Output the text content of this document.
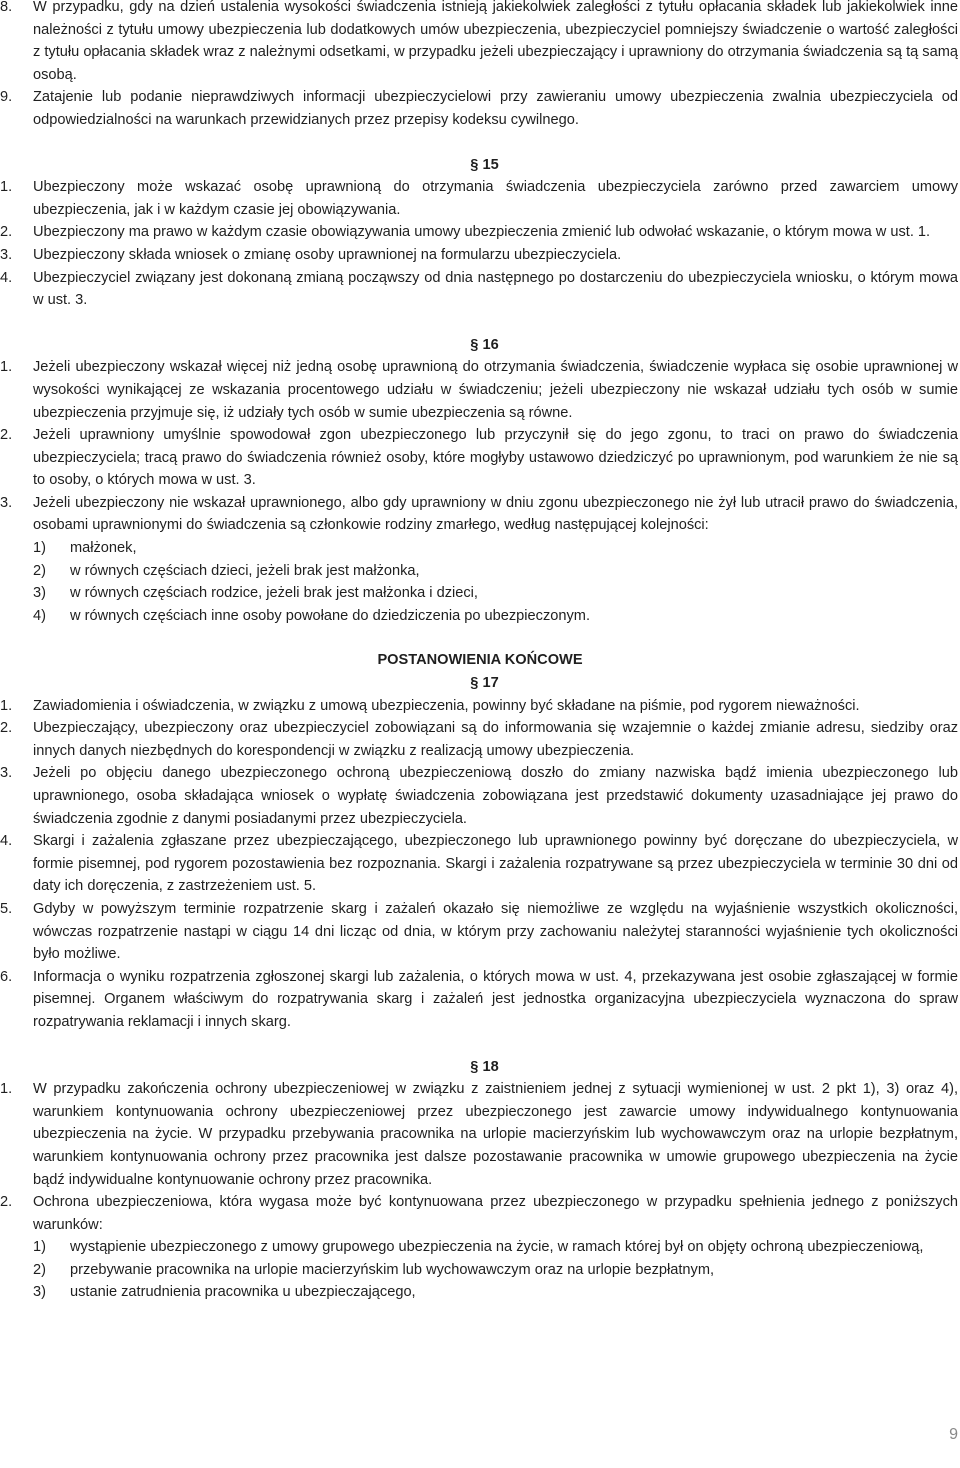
8.	W przypadku, gdy na dzień ustalenia wysokości świadczenia istnieją jakiekolwiek zaległości z tytułu opłacania składek lub jakiekolwiek inne należności z tytułu umowy ubezpieczenia lub dodatkowych umów ubezpieczenia, ubezpieczyciel pomniejszy świadczenie o wartość zaległości z tytułu opłacania składek wraz z należnymi odsetkami, w przypadku jeżeli ubezpieczający i uprawniony do otrzymania świadczenia są tą samą osobą.
9.	Zatajenie lub podanie nieprawdziwych informacji ubezpieczycielowi przy zawieraniu umowy ubezpieczenia zwalnia ubezpieczyciela od odpowiedzialności na warunkach przewidzianych przez przepisy kodeksu cywilnego.
§ 15
1.	Ubezpieczony może wskazać osobę uprawnioną do otrzymania świadczenia ubezpieczyciela zarówno przed zawarciem umowy ubezpieczenia, jak i w każdym czasie jej obowiązywania.
2.	Ubezpieczony ma prawo w każdym czasie obowiązywania umowy ubezpieczenia zmienić lub odwołać wskazanie, o którym mowa w ust. 1.
3.	Ubezpieczony składa wniosek o zmianę osoby uprawnionej na formularzu ubezpieczyciela.
4.	Ubezpieczyciel związany jest dokonaną zmianą począwszy od dnia następnego po dostarczeniu do ubezpieczyciela wniosku, o którym mowa w ust. 3.
§ 16
1.	Jeżeli ubezpieczony wskazał więcej niż jedną osobę uprawnioną do otrzymania świadczenia, świadczenie wypłaca się osobie uprawnionej w wysokości wynikającej ze wskazania procentowego udziału w świadczeniu; jeżeli ubezpieczony nie wskazał udziału tych osób w sumie ubezpieczenia przyjmuje się, iż udziały tych osób w sumie ubezpieczenia są równe.
2.	Jeżeli uprawniony umyślnie spowodował zgon ubezpieczonego lub przyczynił się do jego zgonu, to traci on prawo do świadczenia ubezpieczyciela; tracą prawo do świadczenia również osoby, które mogłyby ustawowo dziedziczyć po uprawnionym, pod warunkiem że nie są to osoby, o których mowa w ust. 3.
3.	Jeżeli ubezpieczony nie wskazał uprawnionego, albo gdy uprawniony w dniu zgonu ubezpieczonego nie żył lub utracił prawo do świadczenia, osobami uprawnionymi do świadczenia są członkowie rodziny zmarłego, według następującej kolejności:
1)	małżonek,
2)	w równych częściach dzieci, jeżeli brak jest małżonka,
3)	w równych częściach rodzice, jeżeli brak jest małżonka i dzieci,
4)	w równych częściach inne osoby powołane do dziedziczenia po ubezpieczonym.
POSTANOWIENIA KOŃCOWE
§ 17
1.	Zawiadomienia i oświadczenia, w związku z umową ubezpieczenia, powinny być składane na piśmie, pod rygorem nieważności.
2.	Ubezpieczający, ubezpieczony oraz ubezpieczyciel zobowiązani są do informowania się wzajemnie o każdej zmianie adresu, siedziby oraz innych danych niezbędnych do korespondencji w związku z realizacją umowy ubezpieczenia.
3.	Jeżeli po objęciu danego ubezpieczonego ochroną ubezpieczeniową doszło do zmiany nazwiska bądź imienia ubezpieczonego lub uprawnionego, osoba składająca wniosek o wypłatę świadczenia zobowiązana jest przedstawić dokumenty uzasadniające jej prawo do świadczenia zgodnie z danymi posiadanymi przez ubezpieczyciela.
4.	Skargi i zażalenia zgłaszane przez ubezpieczającego, ubezpieczonego lub uprawnionego powinny być doręczane do ubezpieczyciela, w formie pisemnej, pod rygorem pozostawienia bez rozpoznania. Skargi i zażalenia rozpatrywane są przez ubezpieczyciela w terminie 30 dni od daty ich doręczenia, z zastrzeżeniem ust. 5.
5.	Gdyby w powyższym terminie rozpatrzenie skarg i zażaleń okazało się niemożliwe ze względu na wyjaśnienie wszystkich okoliczności, wówczas rozpatrzenie nastąpi w ciągu 14 dni licząc od dnia, w którym przy zachowaniu należytej staranności wyjaśnienie tych okoliczności było możliwe.
6.	Informacja o wyniku rozpatrzenia zgłoszonej skargi lub zażalenia, o których mowa w ust. 4, przekazywana jest osobie zgłaszającej w formie pisemnej. Organem właściwym do rozpatrywania skarg i zażaleń jest jednostka organizacyjna ubezpieczyciela wyznaczona do spraw rozpatrywania reklamacji i innych skarg.
§ 18
1.	W przypadku zakończenia ochrony ubezpieczeniowej w związku z zaistnieniem jednej z sytuacji wymienionej w ust. 2 pkt 1), 3) oraz 4), warunkiem kontynuowania ochrony ubezpieczeniowej przez ubezpieczonego jest zawarcie umowy indywidualnego kontynuowania ubezpieczenia na życie. W przypadku przebywania pracownika na urlopie macierzyńskim lub wychowawczym oraz na urlopie bezpłatnym, warunkiem kontynuowania ochrony przez pracownika jest dalsze pozostawanie pracownika w umowie grupowego ubezpieczenia na życie bądź indywidualne kontynuowanie ochrony przez pracownika.
2.	Ochrona ubezpieczeniowa, która wygasa może być kontynuowana przez ubezpieczonego w przypadku spełnienia jednego z poniższych warunków:
1)	wystąpienie ubezpieczonego z umowy grupowego ubezpieczenia na życie, w ramach której był on objęty ochroną ubezpieczeniową,
2)	przebywanie pracownika na urlopie macierzyńskim lub wychowawczym oraz na urlopie bezpłatnym,
3)	ustanie zatrudnienia pracownika u ubezpieczającego,
9
